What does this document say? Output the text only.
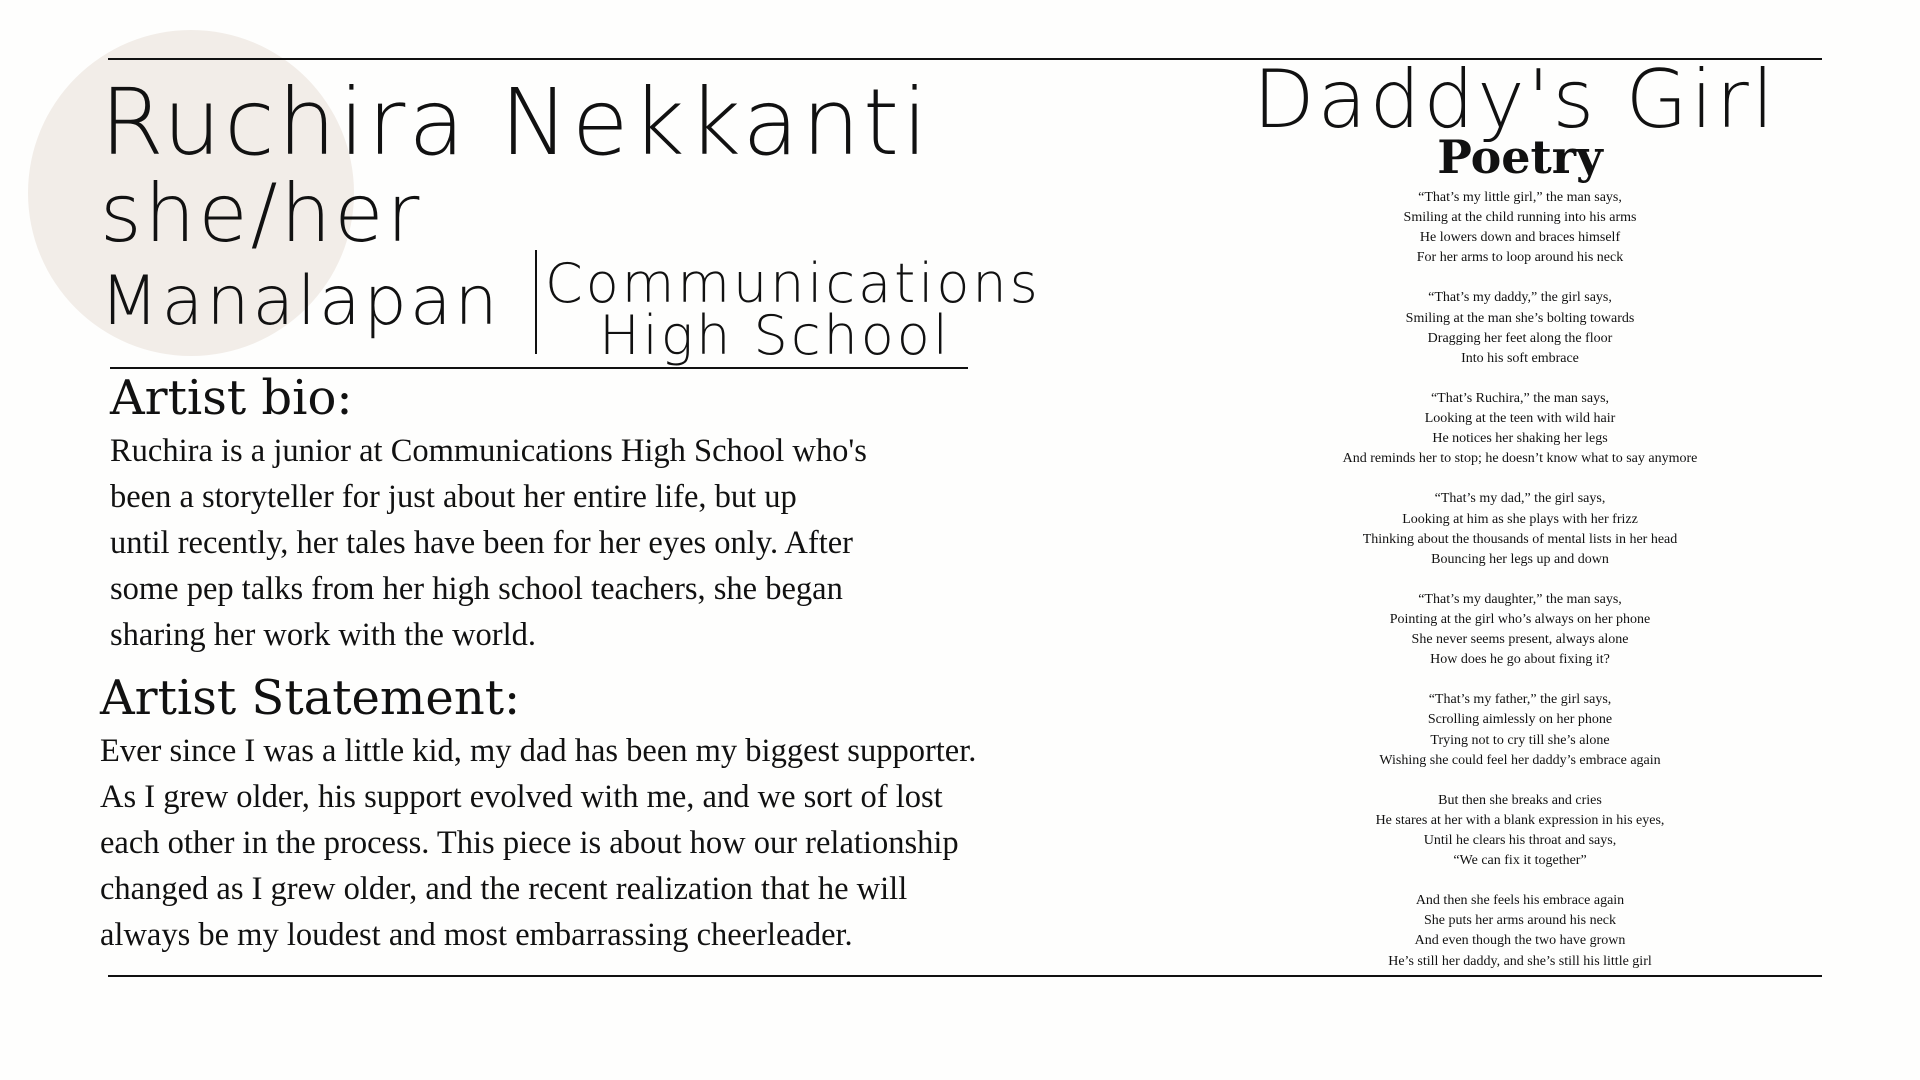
Ruchira Nekkanti
she/her
Manalapan Communications
High School
Artist bio:
Ruchira is a junior at Communications High School who's
been a storyteller for just about her entire life, but up
until recently, her tales have been for her eyes only. After
some pep talks from her high school teachers, she began
sharing her work with the world.
Artist Statement:
Ever since I was a little kid, my dad has been my biggest supporter.
As I grew older, his support evolved with me, and we sort of lost
each other in the process. This piece is about how our relationship
changed as I grew older, and the recent realization that he will
always be my loudest and most embarrassing cheerleader.
Daddy's Girl
Poetry
“That’s my little girl,” the man says,
Smiling at the child running into his arms
He lowers down and braces himself
For her arms to loop around his neck
“That’s my daddy,” the girl says,
Smiling at the man she’s bolting towards
Dragging her feet along the floor
Into his soft embrace
“That’s Ruchira,” the man says,
Looking at the teen with wild hair
He notices her shaking her legs
And reminds her to stop; he doesn’t know what to say anymore
“That’s my dad,” the girl says,
Looking at him as she plays with her frizz
Thinking about the thousands of mental lists in her head
Bouncing her legs up and down
“That’s my daughter,” the man says,
Pointing at the girl who’s always on her phone
She never seems present, always alone
How does he go about fixing it?
“That’s my father,” the girl says,
Scrolling aimlessly on her phone
Trying not to cry till she’s alone
Wishing she could feel her daddy’s embrace again
But then she breaks and cries
He stares at her with a blank expression in his eyes,
Until he clears his throat and says,
“We can fix it together”
And then she feels his embrace again
She puts her arms around his neck
And even though the two have grown
He’s still her daddy, and she’s still his little girl
